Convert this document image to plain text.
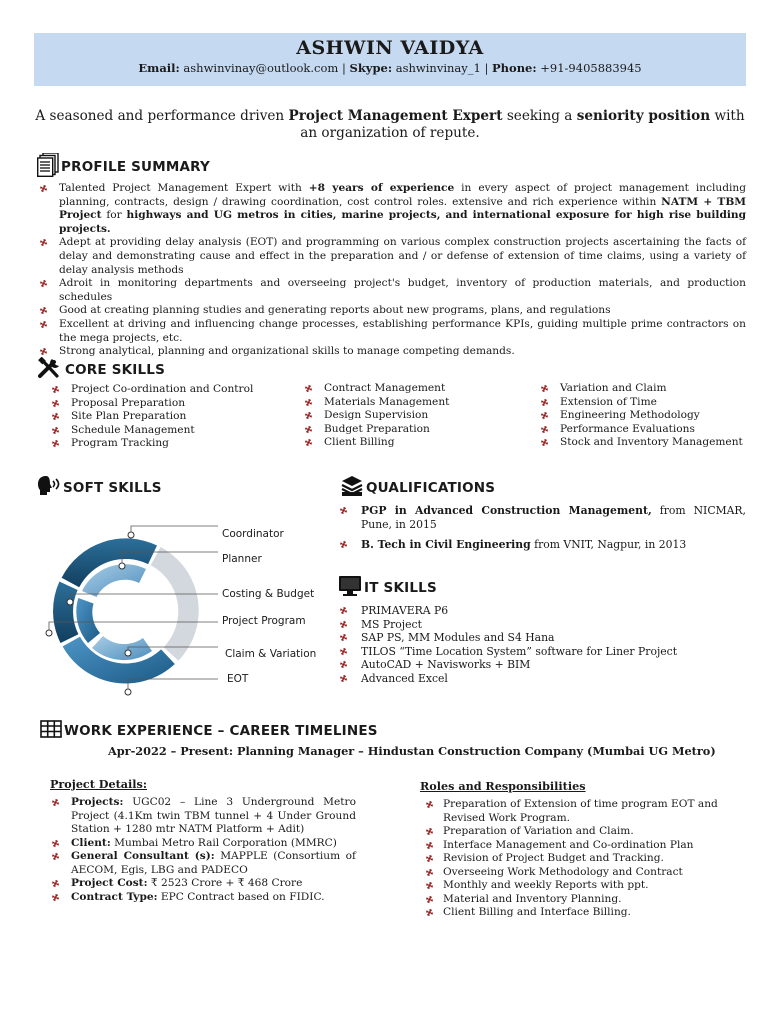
ASHWIN VAIDYA
Email: ashwinvinay@outlook.com | Skype: ashwinvinay_1 | Phone: +91-9405883945
A seasoned and performance driven Project Management Expert seeking a seniority position with an organization of repute.
PROFILE SUMMARY
Talented Project Management Expert with +8 years of experience in every aspect of project management including planning, contracts, design / drawing coordination, cost control roles. extensive and rich experience within NATM + TBM Project for highways and UG metros in cities, marine projects, and international exposure for high rise building projects.
Adept at providing delay analysis (EOT) and programming on various complex construction projects ascertaining the facts of delay and demonstrating cause and effect in the preparation and / or defense of extension of time claims, using a variety of delay analysis methods
Adroit in monitoring departments and overseeing project's budget, inventory of production materials, and production schedules
Good at creating planning studies and generating reports about new programs, plans, and regulations
Excellent at driving and influencing change processes, establishing performance KPIs, guiding multiple prime contractors on the mega projects, etc.
Strong analytical, planning and organizational skills to manage competing demands.
CORE SKILLS
Project Co-ordination and Control
Proposal Preparation
Site Plan Preparation
Schedule Management
Program Tracking
Contract Management
Materials Management
Design Supervision
Budget Preparation
Client Billing
Variation and Claim
Extension of Time
Engineering Methodology
Performance Evaluations
Stock and Inventory Management
SOFT SKILLS
Coordinator
Planner
Costing & Budget
Project Program
Claim & Variation
EOT
QUALIFICATIONS
PGP in Advanced Construction Management, from NICMAR, Pune, in 2015
B. Tech in Civil Engineering from VNIT, Nagpur, in 2013
IT SKILLS
PRIMAVERA P6
MS Project
SAP PS, MM Modules and S4 Hana
TILOS “Time Location System” software for Liner Project
AutoCAD + Navisworks + BIM
Advanced Excel
WORK EXPERIENCE – CAREER TIMELINES
Apr-2022 – Present: Planning Manager – Hindustan Construction Company (Mumbai UG Metro)
Project Details:
Projects: UGC02 – Line 3 Underground Metro Project (4.1Km twin TBM tunnel + 4 Under Ground Station + 1280 mtr NATM Platform + Adit)
Client: Mumbai Metro Rail Corporation (MMRC)
General Consultant (s): MAPPLE (Consortium of AECOM, Egis, LBG and PADECO
Project Cost: ₹ 2523 Crore + ₹ 468 Crore
Contract Type: EPC Contract based on FIDIC.
Roles and Responsibilities
Preparation of Extension of time program EOT and Revised Work Program.
Preparation of Variation and Claim.
Interface Management and Co-ordination Plan
Revision of Project Budget and Tracking.
Overseeing Work Methodology and Contract
Monthly and weekly Reports with ppt.
Material and Inventory Planning.
Client Billing and Interface Billing.
